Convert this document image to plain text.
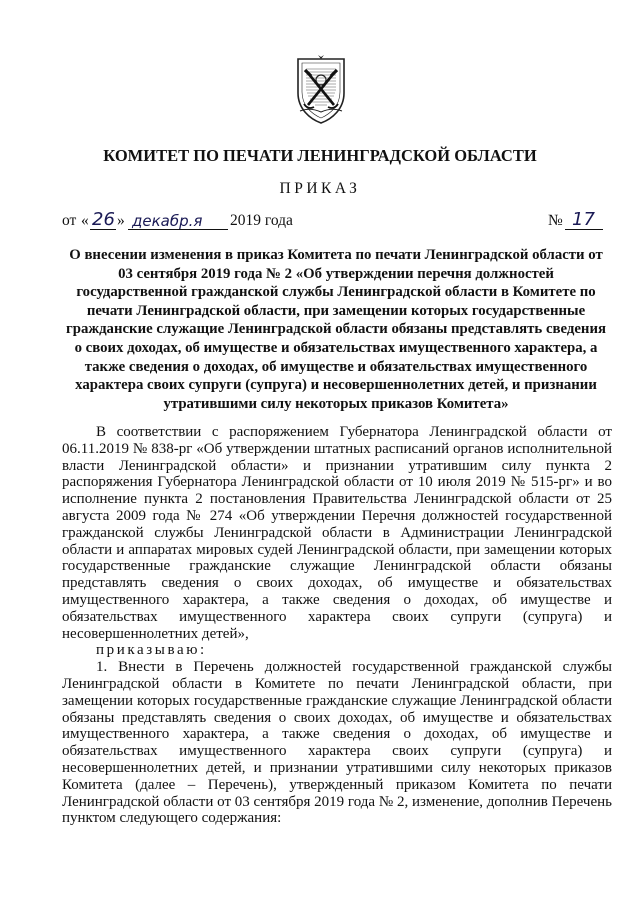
КОМИТЕТ ПО ПЕЧАТИ ЛЕНИНГРАДСКОЙ ОБЛАСТИ
ПРИКАЗ
от « 26 » декабр.я 2019 года	№ 17
О внесении изменения в приказ Комитета по печати Ленинградской области от 03 сентября 2019 года № 2 «Об утверждении перечня должностей государственной гражданской службы Ленинградской области в Комитете по печати Ленинградской области, при замещении которых государственные гражданские служащие Ленинградской области обязаны представлять сведения о своих доходах, об имуществе и обязательствах имущественного характера, а также сведения о доходах, об имуществе и обязательствах имущественного характера своих супруги (супруга) и несовершеннолетних детей, и признании утратившими силу некоторых приказов Комитета»

В соответствии с распоряжением Губернатора Ленинградской области от 06.11.2019 № 838-рг «Об утверждении штатных расписаний органов исполнительной власти Ленинградской области» и признании утратившим силу пункта 2 распоряжения Губернатора Ленинградской области от 10 июля 2019 № 515-рг» и во исполнение пункта 2 постановления Правительства Ленинградской области от 25 августа 2009 года № 274 «Об утверждении Перечня должностей государственной гражданской службы Ленинградской области в Администрации Ленинградской области и аппаратах мировых судей Ленинградской области, при замещении которых государственные гражданские служащие Ленинградской области обязаны представлять сведения о своих доходах, об имуществе и обязательствах имущественного характера, а также сведения о доходах, об имуществе и обязательствах имущественного характера своих супруги (супруга) и несовершеннолетних детей»,

приказываю:

1. Внести в Перечень должностей государственной гражданской службы Ленинградской области в Комитете по печати Ленинградской области, при замещении которых государственные гражданские служащие Ленинградской области обязаны представлять сведения о своих доходах, об имуществе и обязательствах имущественного характера, а также сведения о доходах, об имуществе и обязательствах имущественного характера своих супруги (супруга) и несовершеннолетних детей, и признании утратившими силу некоторых приказов Комитета (далее – Перечень), утвержденный приказом Комитета по печати Ленинградской области от 03 сентября 2019 года № 2, изменение, дополнив Перечень пунктом следующего содержания:
